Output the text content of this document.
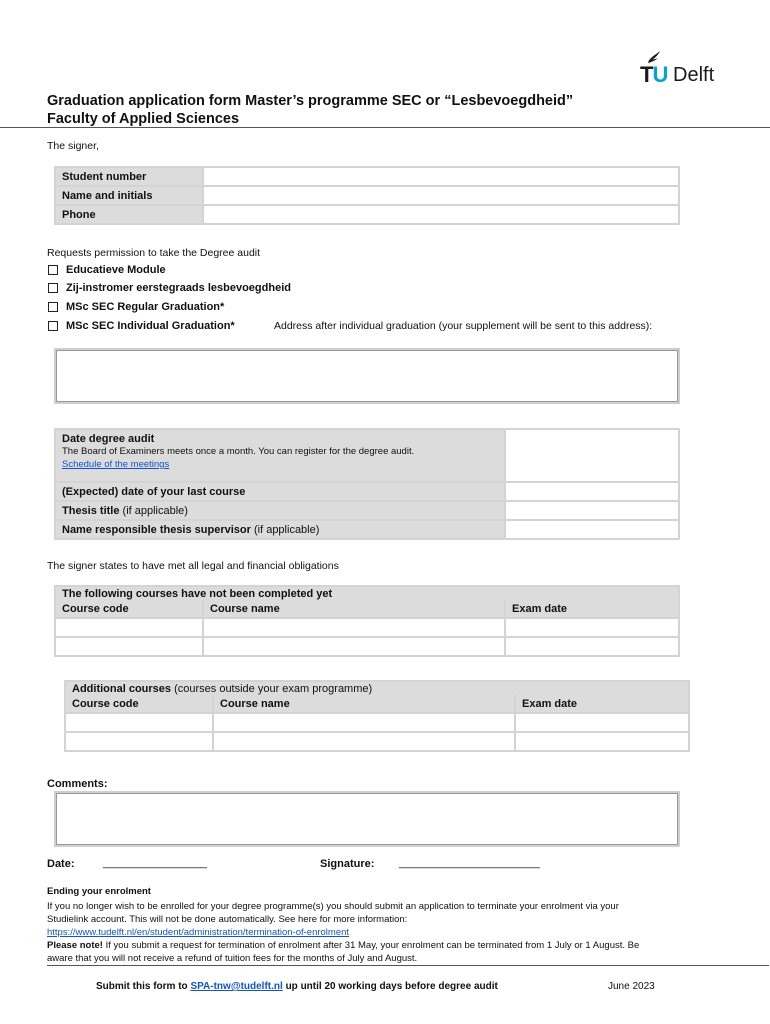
TU Delft
Graduation application form Master’s programme SEC or “Lesbevoegdheid”
Faculty of Applied Sciences
The signer,
Student number	
Name and initials	
Phone	
Requests permission to take the Degree audit
Educatieve Module
Zij-instromer eerstegraads lesbevoegdheid
MSc SEC Regular Graduation*
MSc SEC Individual Graduation*	Address after individual graduation (your supplement will be sent to this address):
Date degree audit
The Board of Examiners meets once a month. You can register for the degree audit.
Schedule of the meetings	

(Expected) date of your last course	
Thesis title (if applicable)	
Name responsible thesis supervisor (if applicable)	
The signer states to have met all legal and financial obligations
The following courses have not been completed yet		
Course code	Course name	Exam date

Additional courses (courses outside your exam programme)		
Course code	Course name	Exam date

Comments:
Date:	_________________	Signature: _______________________
Ending your enrolment
If you no longer wish to be enrolled for your degree programme(s) you should submit an application to terminate your enrolment via your
Studielink account. This will not be done automatically. See here for more information:
https://www.tudelft.nl/en/student/administration/termination-of-enrolment
Please note! If you submit a request for termination of enrolment after 31 May, your enrolment can be terminated from 1 July or 1 August. Be
aware that you will not receive a refund of tuition fees for the months of July and August.
Submit this form to SPA-tnw@tudelft.nl up until 20 working days before degree audit	June 2023
